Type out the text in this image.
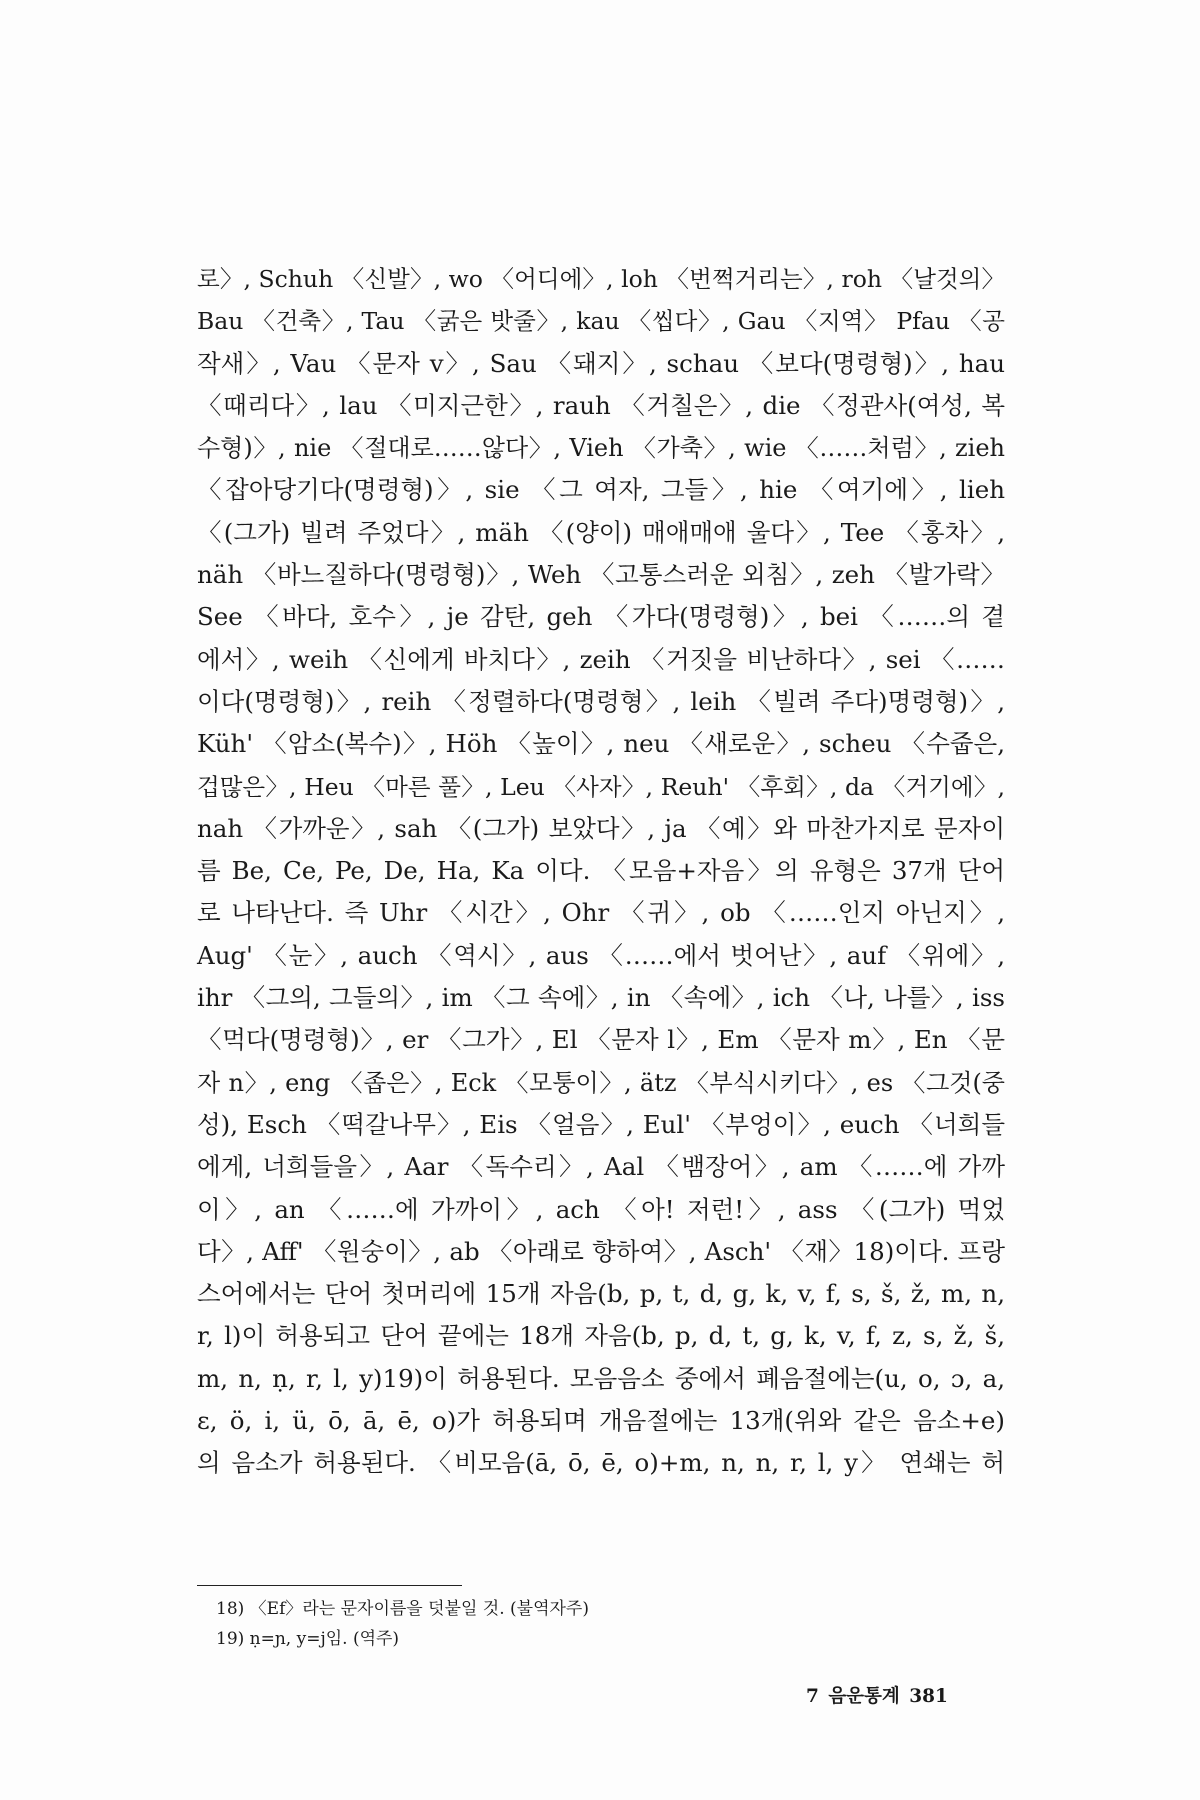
로〉, Schuh 〈신발〉, wo 〈어디에〉, loh 〈번쩍거리는〉, roh 〈날것의〉
Bau 〈건축〉, Tau 〈굵은 밧줄〉, kau 〈씹다〉, Gau 〈지역〉 Pfau 〈공
작새〉, Vau 〈문자 v〉, Sau 〈돼지〉, schau 〈보다(명령형)〉, hau
〈때리다〉, lau 〈미지근한〉, rauh 〈거칠은〉, die 〈정관사(여성, 복
수형)〉, nie 〈절대로……않다〉, Vieh 〈가축〉, wie 〈……처럼〉, zieh
〈잡아당기다(명령형)〉, sie 〈그 여자, 그들〉, hie 〈여기에〉, lieh
〈(그가) 빌려 주었다〉, mäh 〈(양이) 매애매애 울다〉, Tee 〈홍차〉,
näh 〈바느질하다(명령형)〉, Weh 〈고통스러운 외침〉, zeh 〈발가락〉
See 〈바다, 호수〉, je 감탄, geh 〈가다(명령형)〉, bei 〈……의 곁
에서〉, weih 〈신에게 바치다〉, zeih 〈거짓을 비난하다〉, sei 〈……
이다(명령형)〉, reih 〈정렬하다(명령형〉, leih 〈빌려 주다)명령형)〉,
Küh' 〈암소(복수)〉, Höh 〈높이〉, neu 〈새로운〉, scheu 〈수줍은,
겁많은〉, Heu 〈마른 풀〉, Leu 〈사자〉, Reuh' 〈후회〉, da 〈거기에〉,
nah 〈가까운〉, sah 〈(그가) 보았다〉, ja 〈예〉와 마찬가지로 문자이
름 Be, Ce, Pe, De, Ha, Ka 이다. 〈모음+자음〉의 유형은 37개 단어
로 나타난다. 즉 Uhr 〈시간〉, Ohr 〈귀〉, ob 〈……인지 아닌지〉,
Aug' 〈눈〉, auch 〈역시〉, aus 〈……에서 벗어난〉, auf 〈위에〉,
ihr 〈그의, 그들의〉, im 〈그 속에〉, in 〈속에〉, ich 〈나, 나를〉, iss
〈먹다(명령형)〉, er 〈그가〉, El 〈문자 l〉, Em 〈문자 m〉, En 〈문
자 n〉, eng 〈좁은〉, Eck 〈모퉁이〉, ätz 〈부식시키다〉, es 〈그것(중
성), Esch 〈떡갈나무〉, Eis 〈얼음〉, Eul' 〈부엉이〉, euch 〈너희들
에게, 너희들을〉, Aar 〈독수리〉, Aal 〈뱀장어〉, am 〈……에 가까
이〉, an 〈……에 가까이〉, ach 〈아! 저런!〉, ass 〈(그가) 먹었
다〉, Aff' 〈원숭이〉, ab 〈아래로 향하여〉, Asch' 〈재〉18)이다. 프랑
스어에서는 단어 첫머리에 15개 자음(b, p, t, d, g, k, v, f, s, š, ž, m, n,
r, l)이 허용되고 단어 끝에는 18개 자음(b, p, d, t, g, k, v, f, z, s, ž, š,
m, n, ṇ, r, l, y)19)이 허용된다. 모음음소 중에서 폐음절에는(u, o, ɔ, a,
ɛ, ö, i, ü, ō, ā, ē, o)가 허용되며 개음절에는 13개(위와 같은 음소+e)
의 음소가 허용된다. 〈비모음(ā, ō, ē, o)+m, n, n, r, l, y〉 연쇄는 허
18) 〈Ef〉라는 문자이름을 덧붙일 것. (불역자주)
19) ṇ=ɲ, y=j임. (역주)
7 음운통계 381
